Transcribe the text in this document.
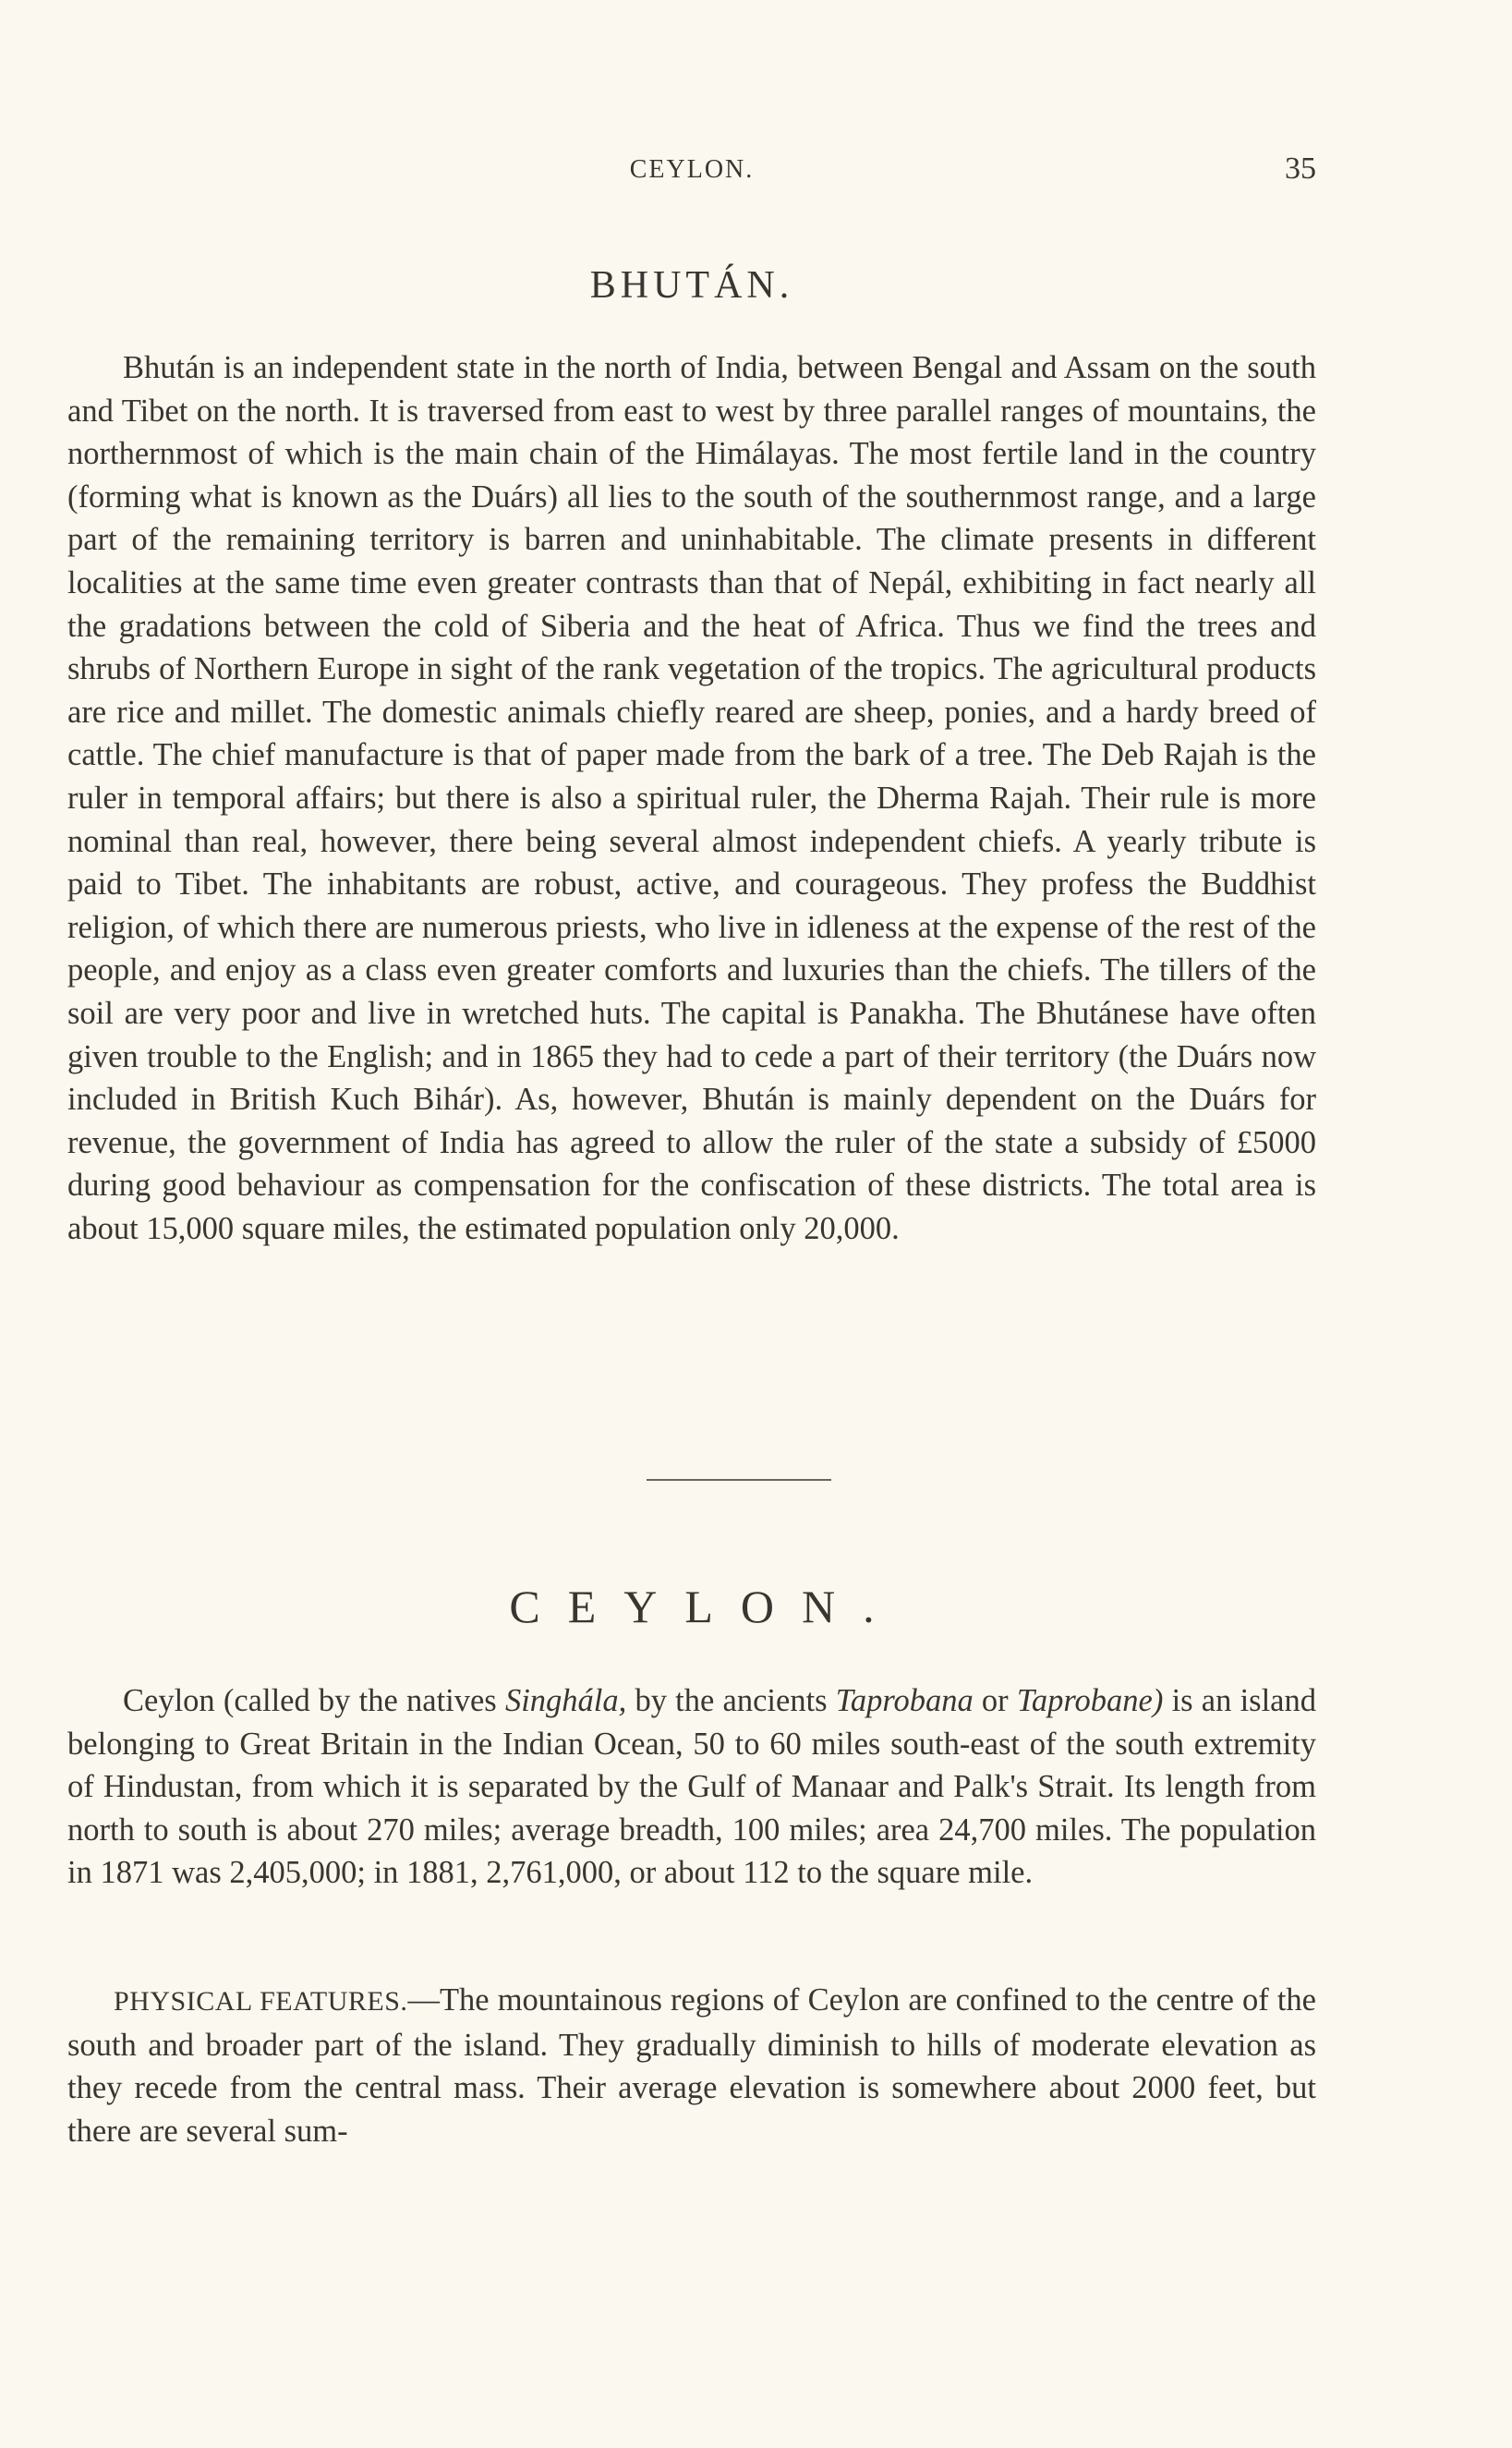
CEYLON.	35
BHUTÁN.

Bhután is an independent state in the north of India, between Bengal and Assam on the south and Tibet on the north. It is traversed from east to west by three parallel ranges of mountains, the northernmost of which is the main chain of the Himálayas. The most fertile land in the country (forming what is known as the Duárs) all lies to the south of the southernmost range, and a large part of the remaining territory is barren and uninhabitable. The climate presents in different localities at the same time even greater contrasts than that of Nepál, exhibiting in fact nearly all the gradations between the cold of Siberia and the heat of Africa. Thus we find the trees and shrubs of Northern Europe in sight of the rank vegetation of the tropics. The agricultural products are rice and millet. The domestic animals chiefly reared are sheep, ponies, and a hardy breed of cattle. The chief manufacture is that of paper made from the bark of a tree. The Deb Rajah is the ruler in temporal affairs; but there is also a spiritual ruler, the Dherma Rajah. Their rule is more nominal than real, however, there being several almost independent chiefs. A yearly tribute is paid to Tibet. The inhabitants are robust, active, and courageous. They profess the Buddhist religion, of which there are numerous priests, who live in idleness at the expense of the rest of the people, and enjoy as a class even greater comforts and luxuries than the chiefs. The tillers of the soil are very poor and live in wretched huts. The capital is Panakha. The Bhutánese have often given trouble to the English; and in 1865 they had to cede a part of their territory (the Duárs now included in British Kuch Bihár). As, however, Bhután is mainly dependent on the Duárs for revenue, the government of India has agreed to allow the ruler of the state a subsidy of £5000 during good behaviour as compensation for the confiscation of these districts. The total area is about 15,000 square miles, the estimated population only 20,000.

CEYLON.

Ceylon (called by the natives Singhála, by the ancients Taprobana or Taprobane) is an island belonging to Great Britain in the Indian Ocean, 50 to 60 miles south-east of the south extremity of Hindustan, from which it is separated by the Gulf of Manaar and Palk's Strait. Its length from north to south is about 270 miles; average breadth, 100 miles; area 24,700 miles. The population in 1871 was 2,405,000; in 1881, 2,761,000, or about 112 to the square mile.

PHYSICAL FEATURES.—The mountainous regions of Ceylon are confined to the centre of the south and broader part of the island. They gradually diminish to hills of moderate elevation as they recede from the central mass. Their average elevation is somewhere about 2000 feet, but there are several sum-
